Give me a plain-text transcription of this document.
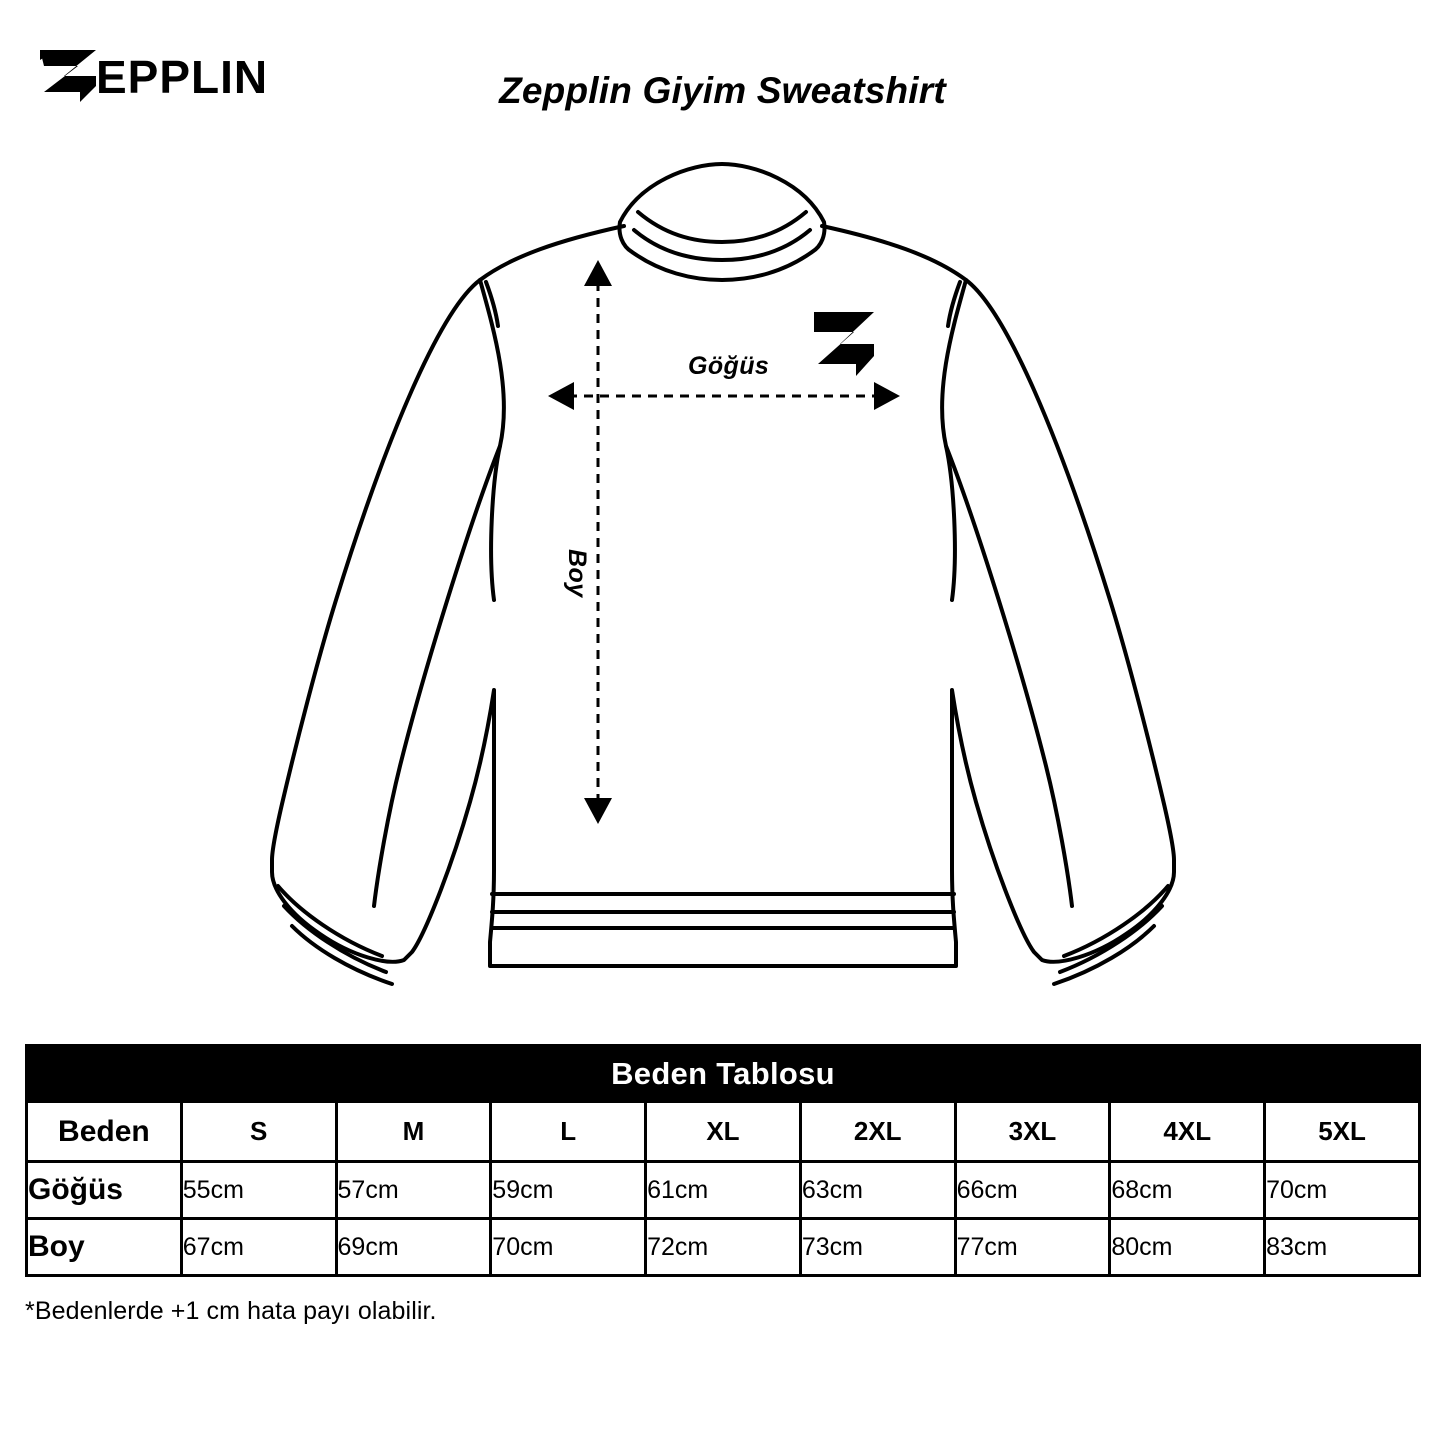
EPPLIN	Zepplin Giyim Sweatshirt
Göğüs
Boy
Beden Tablosu								
Beden	S	M	L	XL	2XL	3XL	4XL	5XL
Göğüs	55cm	57cm	59cm	61cm	63cm	66cm	68cm	70cm
Boy	67cm	69cm	70cm	72cm	73cm	77cm	80cm	83cm
*Bedenlerde +1 cm hata payı olabilir.
